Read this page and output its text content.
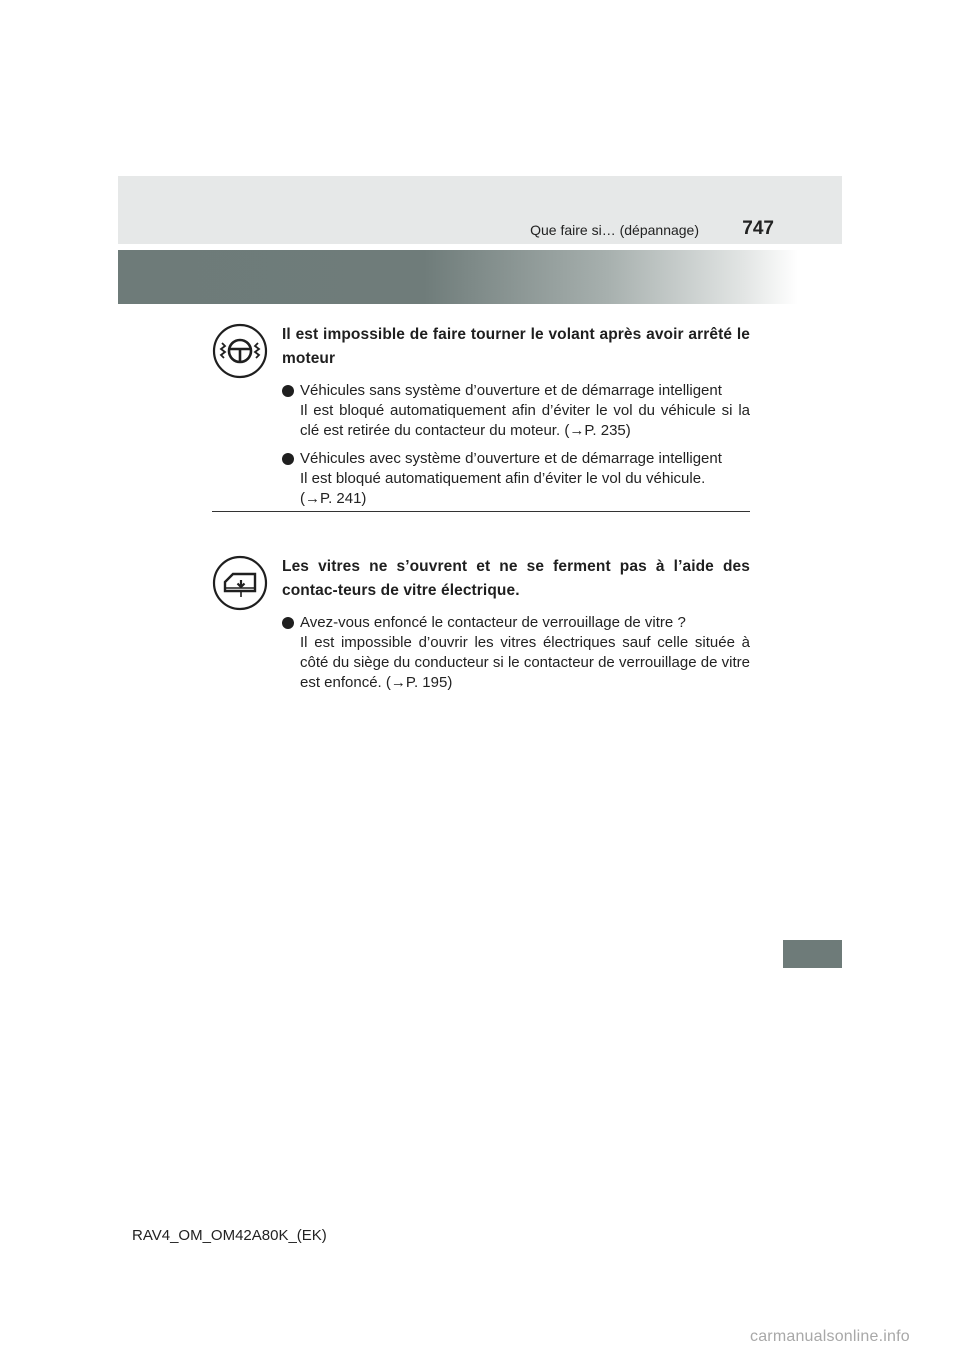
Que faire si… (dépannage) 747
Il est impossible de faire tourner le volant après avoir arrêté le moteur
Véhicules sans système d’ouverture et de démarrage intelligent
Il est bloqué automatiquement afin d’éviter le vol du véhicule si la clé est retirée du contacteur du moteur. (→P. 235)
Véhicules avec système d’ouverture et de démarrage intelligent
Il est bloqué automatiquement afin d’éviter le vol du véhicule.
(→P. 241)
Les vitres ne s’ouvrent et ne se ferment pas à l’aide des contac-teurs de vitre électrique.
Avez-vous enfoncé le contacteur de verrouillage de vitre ?
Il est impossible d’ouvrir les vitres électriques sauf celle située à côté du siège du conducteur si le contacteur de verrouillage de vitre est enfoncé. (→P. 195)
RAV4_OM_OM42A80K_(EK)
carmanualsonline.info
